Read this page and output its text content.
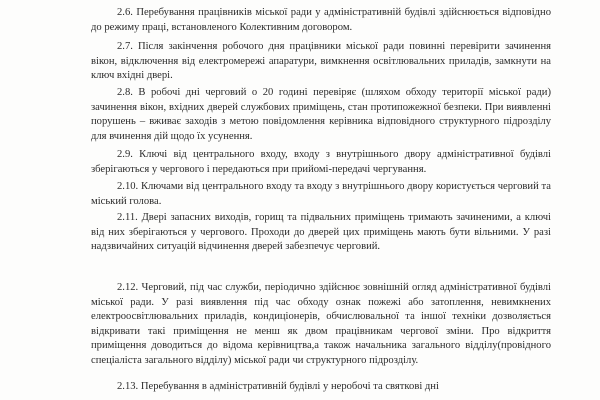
2.6. Перебування працівників міської ради у адміністративній будівлі здійснюється відповідно до режиму праці, встановленого Колективним договором.

2.7. Після закінчення робочого дня працівники міської ради повинні перевірити зачинення вікон, відключення від електромережі апаратури, вимкнення освітлювальних приладів, замкнути на ключ вхідні двері.

2.8. В робочі дні черговий о 20 годині перевіряє (шляхом обходу території міської ради) зачинення вікон, вхідних дверей службових приміщень, стан протипожежної безпеки. При виявленні порушень – вживає заходів з метою повідомлення керівника відповідного структурного підрозділу для вчинення дій щодо їх усунення.

2.9. Ключі від центрального входу, входу з внутрішнього двору адміністративної будівлі зберігаються у чергового і передаються при прийомі-передачі чергування.

2.10. Ключами від центрального входу та входу з внутрішнього двору користується черговий та міський голова.

2.11. Двері запасних виходів, горищ та підвальних приміщень тримають зачиненими, а ключі від них зберігаються у чергового. Проходи до дверей цих приміщень мають бути вільними. У разі надзвичайних ситуацій відчинення дверей забезпечує черговий.

2.12. Черговий, під час служби, періодично здійснює зовнішній огляд адміністративної будівлі міської ради. У разі виявлення під час обходу ознак пожежі або затоплення, невимкнених електроосвітлювальних приладів, кондиціонерів, обчислювальної та іншої техніки дозволяється відкривати такі приміщення не менш як двом працівникам чергової зміни. Про відкриття приміщення доводиться до відома керівництва,а також начальника загального відділу(провідного спеціаліста загального відділу) міської ради чи структурного підрозділу.

2.13. Перебування в адміністративній будівлі у неробочі та святкові дні
